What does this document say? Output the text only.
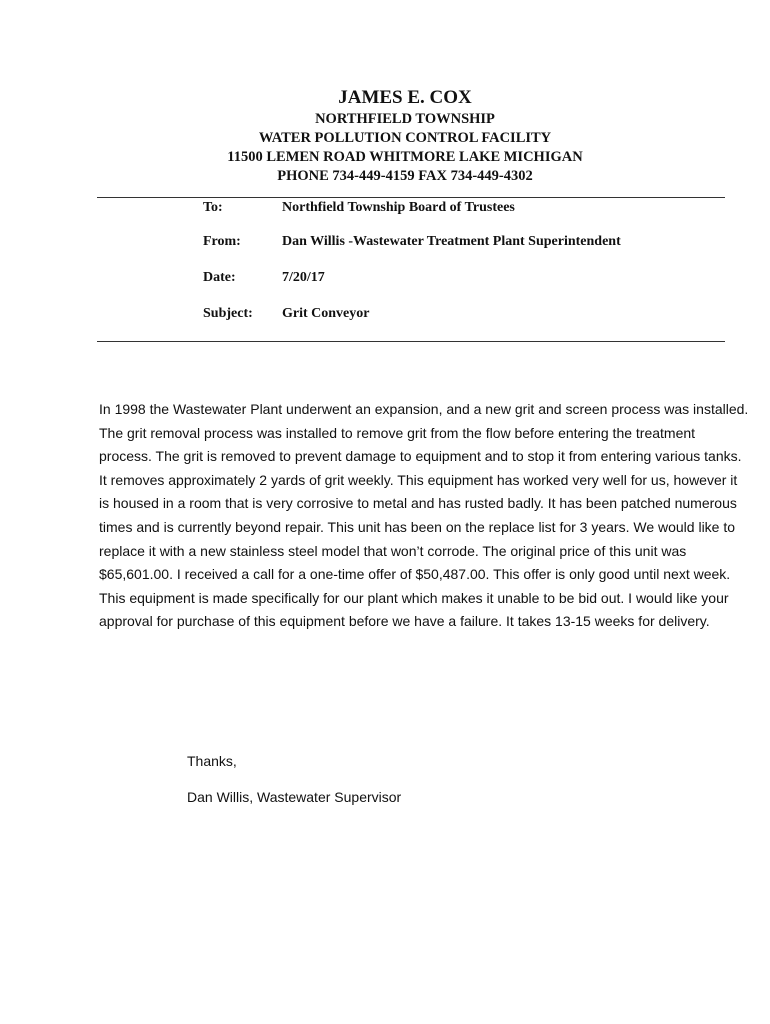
JAMES E. COX
NORTHFIELD TOWNSHIP
WATER POLLUTION CONTROL FACILITY
11500 LEMEN ROAD WHITMORE LAKE MICHIGAN
PHONE 734-449-4159 FAX 734-449-4302
To:	Northfield Township Board of Trustees
From:	Dan Willis -Wastewater Treatment Plant Superintendent
Date:	7/20/17
Subject: Grit Conveyor

In 1998 the Wastewater Plant underwent an expansion, and a new grit and screen process was installed. The grit removal process was installed to remove grit from the flow before entering the treatment process. The grit is removed to prevent damage to equipment and to stop it from entering various tanks. It removes approximately 2 yards of grit weekly. This equipment has worked very well for us, however it is housed in a room that is very corrosive to metal and has rusted badly. It has been patched numerous times and is currently beyond repair. This unit has been on the replace list for 3 years. We would like to replace it with a new stainless steel model that won’t corrode. The original price of this unit was $65,601.00. I received a call for a one-time offer of $50,487.00. This offer is only good until next week. This equipment is made specifically for our plant which makes it unable to be bid out. I would like your approval for purchase of this equipment before we have a failure. It takes 13-15 weeks for delivery.

Thanks,
Dan Willis, Wastewater Supervisor
